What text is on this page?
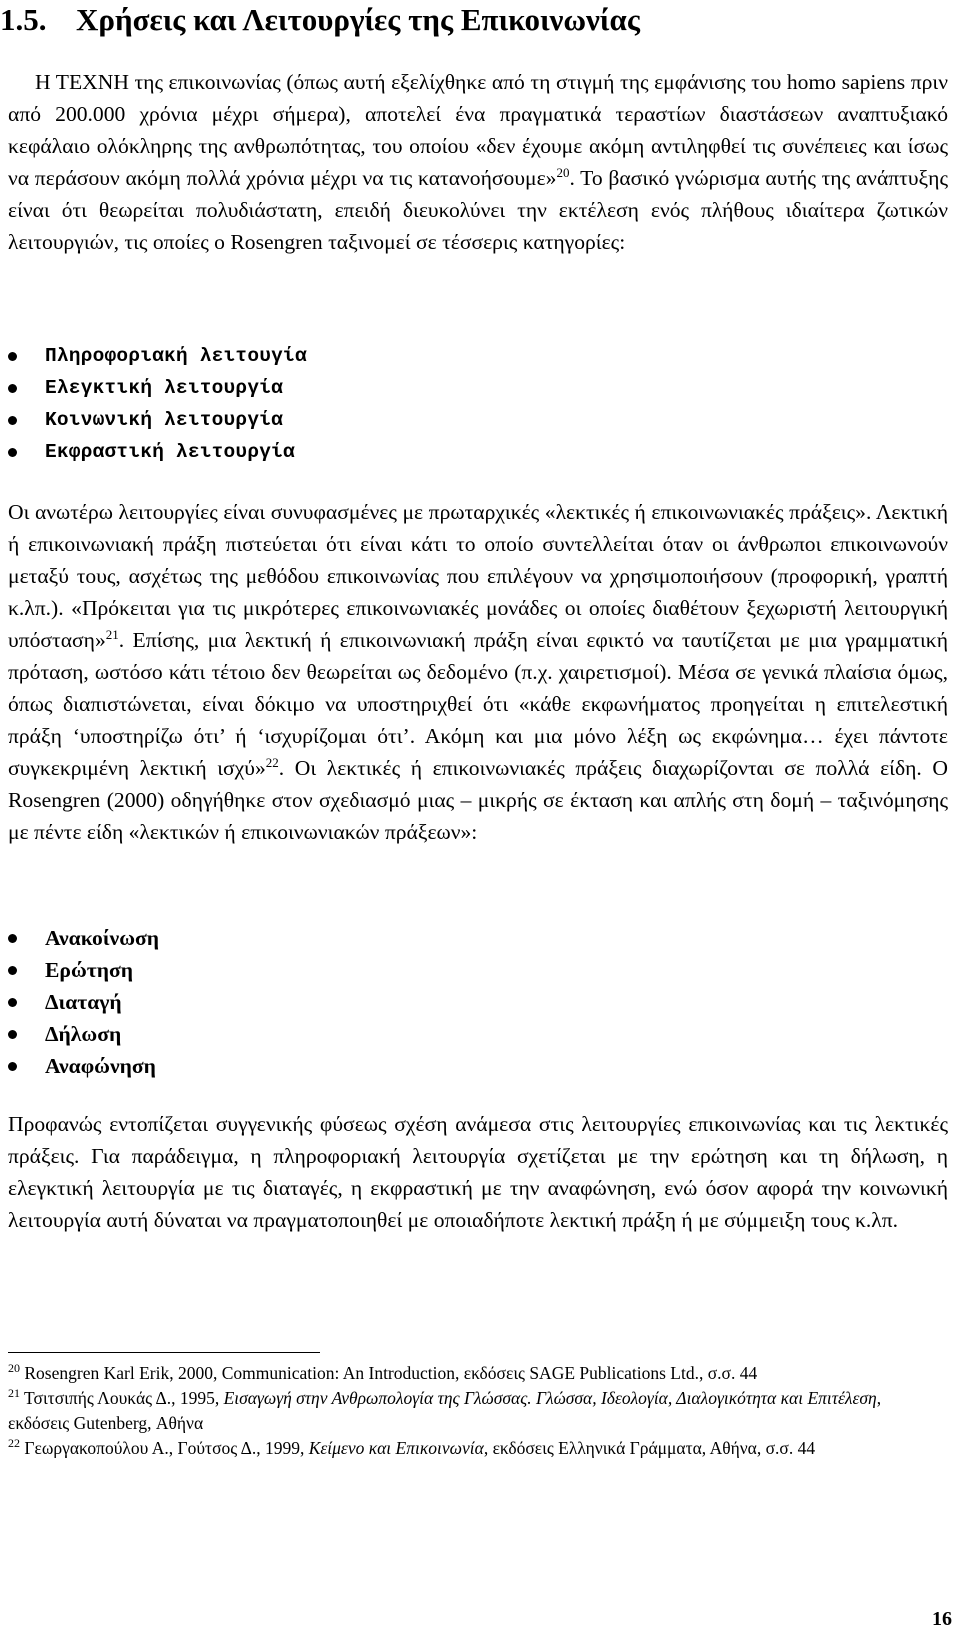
1.5. Χρήσεις και Λειτουργίες της Επικοινωνίας

Η ΤΕΧΝΗ της επικοινωνίας (όπως αυτή εξελίχθηκε από τη στιγμή της εμφάνισης του homo sapiens πριν από 200.000 χρόνια μέχρι σήμερα), αποτελεί ένα πραγματικά τεραστίων διαστάσεων αναπτυξιακό κεφάλαιο ολόκληρης της ανθρωπότητας, του οποίου «δεν έχουμε ακόμη αντιληφθεί τις συνέπειες και ίσως να περάσουν ακόμη πολλά χρόνια μέχρι να τις κατανοήσουμε»$^{20}$. Το βασικό γνώρισμα αυτής της ανάπτυξης είναι ότι θεωρείται πολυδιάστατη, επειδή διευκολύνει την εκτέλεση ενός πλήθους ιδιαίτερα ζωτικών λειτουργιών, τις οποίες ο Rosengren ταξινομεί σε τέσσερις κατηγορίες:

Πληροφοριακή λειτουγία
Ελεγκτική λειτουργία
Κοινωνική λειτουργία
Εκφραστική λειτουργία

Οι ανωτέρω λειτουργίες είναι συνυφασμένες με πρωταρχικές «λεκτικές ή επικοινωνιακές πράξεις». Λεκτική ή επικοινωνιακή πράξη πιστεύεται ότι είναι κάτι το οποίο συντελλείται όταν οι άνθρωποι επικοινωνούν μεταξύ τους, ασχέτως της μεθόδου επικοινωνίας που επιλέγουν να χρησιμοποιήσουν (προφορική, γραπτή κ.λπ.). «Πρόκειται για τις μικρότερες επικοινωνιακές μονάδες οι οποίες διαθέτουν ξεχωριστή λειτουργική υπόσταση»$^{21}$. Επίσης, μια λεκτική ή επικοινωνιακή πράξη είναι εφικτό να ταυτίζεται με μια γραμματική πρόταση, ωστόσο κάτι τέτοιο δεν θεωρείται ως δεδομένο (π.χ. χαιρετισμοί). Μέσα σε γενικά πλαίσια όμως, όπως διαπιστώνεται, είναι δόκιμο να υποστηριχθεί ότι «κάθε εκφωνήματος προηγείται η επιτελεστική πράξη ‘υποστηρίζω ότι’ ή ‘ισχυρίζομαι ότι’. Ακόμη και μια μόνο λέξη ως εκφώνημα… έχει πάντοτε συγκεκριμένη λεκτική ισχύ»$^{22}$. Οι λεκτικές ή επικοινωνιακές πράξεις διαχωρίζονται σε πολλά είδη. Ο Rosengren (2000) οδηγήθηκε στον σχεδιασμό μιας – μικρής σε έκταση και απλής στη δομή – ταξινόμησης με πέντε είδη «λεκτικών ή επικοινωνιακών πράξεων»:

Ανακοίνωση
Ερώτηση
Διαταγή
Δήλωση
Αναφώνηση

Προφανώς εντοπίζεται συγγενικής φύσεως σχέση ανάμεσα στις λειτουργίες επικοινωνίας και τις λεκτικές πράξεις. Για παράδειγμα, η πληροφοριακή λειτουργία σχετίζεται με την ερώτηση και τη δήλωση, η ελεγκτική λειτουργία με τις διαταγές, η εκφραστική με την αναφώνηση, ενώ όσον αφορά την κοινωνική λειτουργία αυτή δύναται να πραγματοποιηθεί με οποιαδήποτε λεκτική πράξη ή με σύμμειξη τους κ.λπ.

$^{20}$ Rosengren Karl Erik, 2000, Communication: An Introduction, εκδόσεις SAGE Publications Ltd., σ.σ. 44

$^{21}$ Τσιτσιπής Λουκάς Δ., 1995, Εισαγωγή στην Ανθρωπολογία της Γλώσσας. Γλώσσα, Ιδεολογία, Διαλογικότητα και Επιτέλεση, εκδόσεις Gutenberg, Αθήνα

$^{22}$ Γεωργακοπούλου Α., Γούτσος Δ., 1999, Κείμενο και Επικοινωνία, εκδόσεις Ελληνικά Γράμματα, Αθήνα, σ.σ. 44

16
